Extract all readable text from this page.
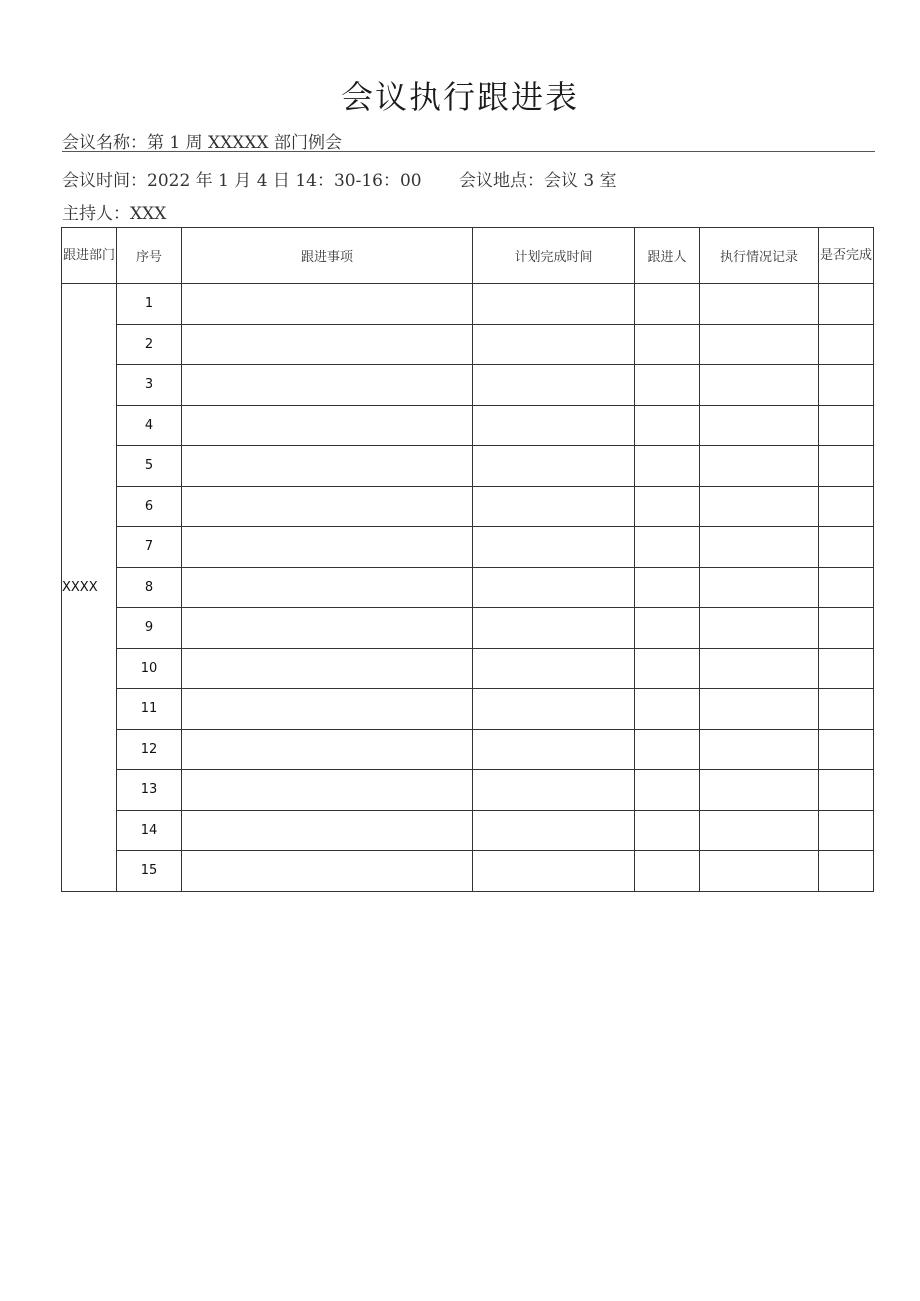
会议执行跟进表
会议名称：第 1 周 XXXXX 部门例会
会议时间：2022 年 1 月 4 日 14：30-16：00 会议地点：会议 3 室
主持人：XXX
跟进部门	序号	跟进事项	计划完成时间	跟进人	执行情况记录	是否完成
XXXX	1					
	2					
	3					
	4					
	5					
	6					
	7					
	8					
	9					
	10					
	11					
	12					
	13					
	14					
	15					
